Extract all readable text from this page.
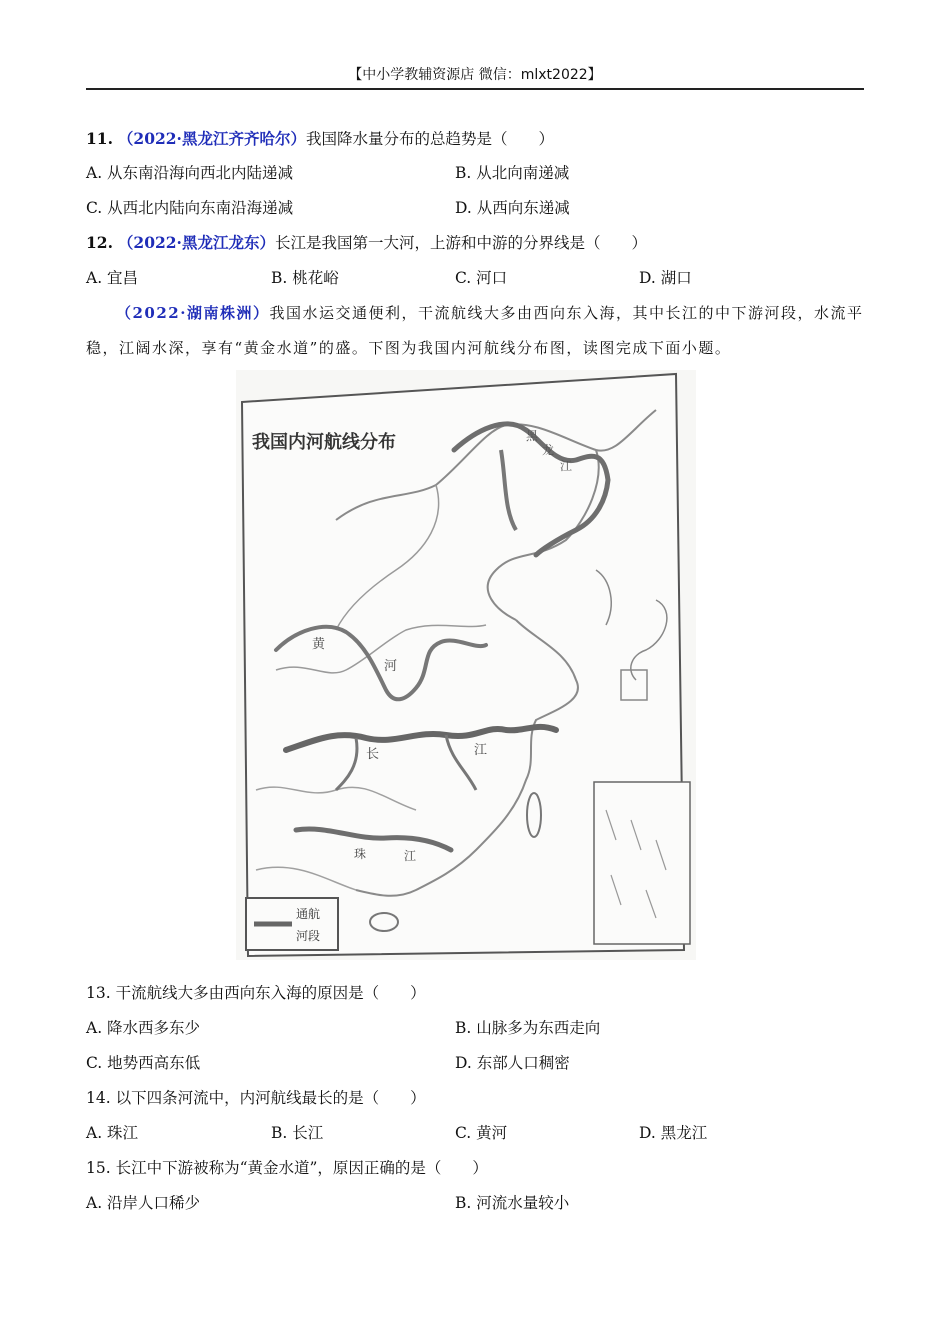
【中小学教辅资源店 微信：mlxt2022】
11. （2022·黑龙江齐齐哈尔）我国降水量分布的总趋势是（　　）
A. 从东南沿海向西北内陆递减	B. 从北向南递减
C. 从西北内陆向东南沿海递减	D. 从西向东递减
12. （2022·黑龙江龙东）长江是我国第一大河，上游和中游的分界线是（　　）
A. 宜昌	B. 桃花峪	C. 河口	D. 湖口
（2022·湖南株洲）我国水运交通便利，干流航线大多由西向东入海，其中长江的中下游河段，水流平稳，江阔水深，享有“黄金水道”的盛。下图为我国内河航线分布图，读图完成下面小题。
我国内河航线分布	黑
龙
江
黄
河
长	江
珠	江
通航
河段
13. 干流航线大多由西向东入海的原因是（　　）
A. 降水西多东少	B. 山脉多为东西走向
C. 地势西高东低	D. 东部人口稠密
14. 以下四条河流中，内河航线最长的是（　　）
A. 珠江	B. 长江	C. 黄河	D. 黑龙江
15. 长江中下游被称为“黄金水道”，原因正确的是（　　）
A. 沿岸人口稀少	B. 河流水量较小
